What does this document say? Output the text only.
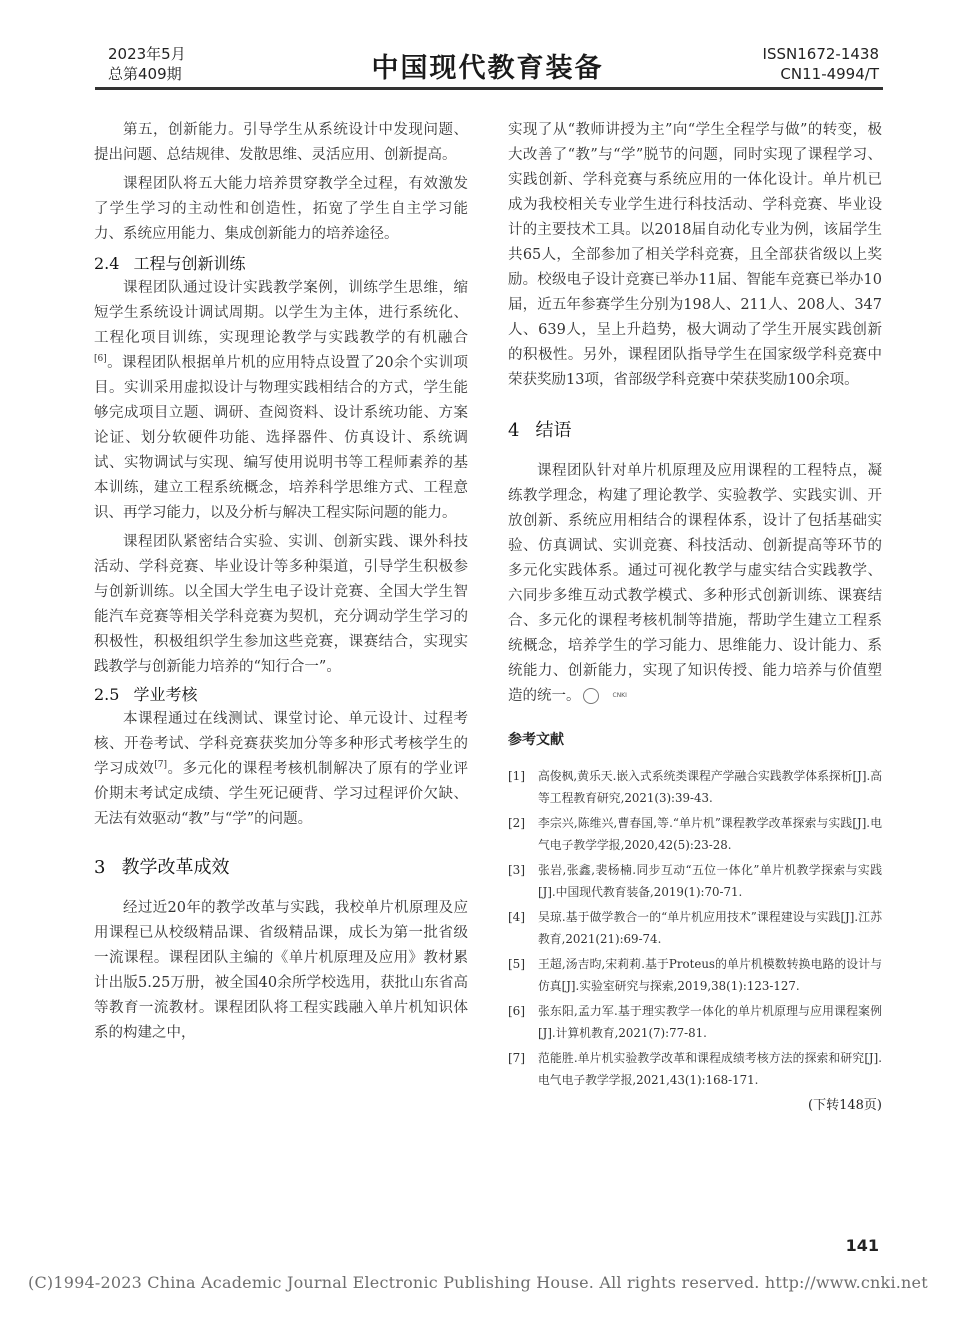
2023年5月
总第409期	中国现代教育装备	ISSN1672-1438
CN11-4994/T

第五，创新能力。引导学生从系统设计中发现问题、提出问题、总结规律、发散思维、灵活应用、创新提高。

课程团队将五大能力培养贯穿教学全过程，有效激发了学生学习的主动性和创造性，拓宽了学生自主学习能力、系统应用能力、集成创新能力的培养途径。

2.4 工程与创新训练

课程团队通过设计实践教学案例，训练学生思维，缩短学生系统设计调试周期。以学生为主体，进行系统化、工程化项目训练，实现理论教学与实践教学的有机融合[6]。课程团队根据单片机的应用特点设置了20余个实训项目。实训采用虚拟设计与物理实践相结合的方式，学生能够完成项目立题、调研、查阅资料、设计系统功能、方案论证、划分软硬件功能、选择器件、仿真设计、系统调试、实物调试与实现、编写使用说明书等工程师素养的基本训练，建立工程系统概念，培养科学思维方式、工程意识、再学习能力，以及分析与解决工程实际问题的能力。

课程团队紧密结合实验、实训、创新实践、课外科技活动、学科竞赛、毕业设计等多种渠道，引导学生积极参与创新训练。以全国大学生电子设计竞赛、全国大学生智能汽车竞赛等相关学科竞赛为契机，充分调动学生学习的积极性，积极组织学生参加这些竞赛，课赛结合，实现实践教学与创新能力培养的“知行合一”。

2.5 学业考核

本课程通过在线测试、课堂讨论、单元设计、过程考核、开卷考试、学科竞赛获奖加分等多种形式考核学生的学习成效[7]。多元化的课程考核机制解决了原有的学业评价期末考试定成绩、学生死记硬背、学习过程评价欠缺、无法有效驱动“教”与“学”的问题。

3 教学改革成效

经过近20年的教学改革与实践，我校单片机原理及应用课程已从校级精品课、省级精品课，成长为第一批省级一流课程。课程团队主编的《单片机原理及应用》教材累计出版5.25万册，被全国40余所学校选用，获批山东省高等教育一流教材。课程团队将工程实践融入单片机知识体系的构建之中，

实现了从“教师讲授为主”向“学生全程学与做”的转变，极大改善了“教”与“学”脱节的问题，同时实现了课程学习、实践创新、学科竞赛与系统应用的一体化设计。单片机已成为我校相关专业学生进行科技活动、学科竞赛、毕业设计的主要技术工具。以2018届自动化专业为例，该届学生共65人，全部参加了相关学科竞赛，且全部获省级以上奖励。校级电子设计竞赛已举办11届、智能车竞赛已举办10届，近五年参赛学生分别为198人、211人、208人、347人、639人，呈上升趋势，极大调动了学生开展实践创新的积极性。另外，课程团队指导学生在国家级学科竞赛中荣获奖励13项，省部级学科竞赛中荣获奖励100余项。

4 结语

课程团队针对单片机原理及应用课程的工程特点，凝练教学理念，构建了理论教学、实验教学、实践实训、开放创新、系统应用相结合的课程体系，设计了包括基础实验、仿真调试、实训竞赛、科技活动、创新提高等环节的多元化实践体系。通过可视化教学与虚实结合实践教学、六同步多维互动式教学模式、多种形式创新训练、课赛结合、多元化的课程考核机制等措施，帮助学生建立工程系统概念，培养学生的学习能力、思维能力、设计能力、系统能力、创新能力，实现了知识传授、能力培养与价值塑造的统一。	CNKI

参考文献
[1] 高俊枫,黄乐天.嵌入式系统类课程产学融合实践教学体系探析[J].高等工程教育研究,2021(3):39-43.
[2] 李宗兴,陈维兴,曹春国,等.“单片机”课程教学改革探索与实践[J].电气电子教学学报,2020,42(5):23-28.
[3] 张岩,张鑫,裴杨楠.同步互动“五位一体化”单片机教学探索与实践[J].中国现代教育装备,2019(1):70-71.
[4] 吴琼.基于做学教合一的“单片机应用技术”课程建设与实践[J].江苏教育,2021(21):69-74.
[5] 王超,汤吉昀,宋莉莉.基于Proteus的单片机模数转换电路的设计与仿真[J].实验室研究与探索,2019,38(1):123-127.
[6] 张东阳,孟力军.基于理实教学一体化的单片机原理与应用课程案例[J].计算机教育,2021(7):77-81.
[7] 范能胜.单片机实验教学改革和课程成绩考核方法的探索和研究[J].电气电子教学学报,2021,43(1):168-171.
(下转148页)
141
(C)1994-2023 China Academic Journal Electronic Publishing House. All rights reserved. http://www.cnki.net
